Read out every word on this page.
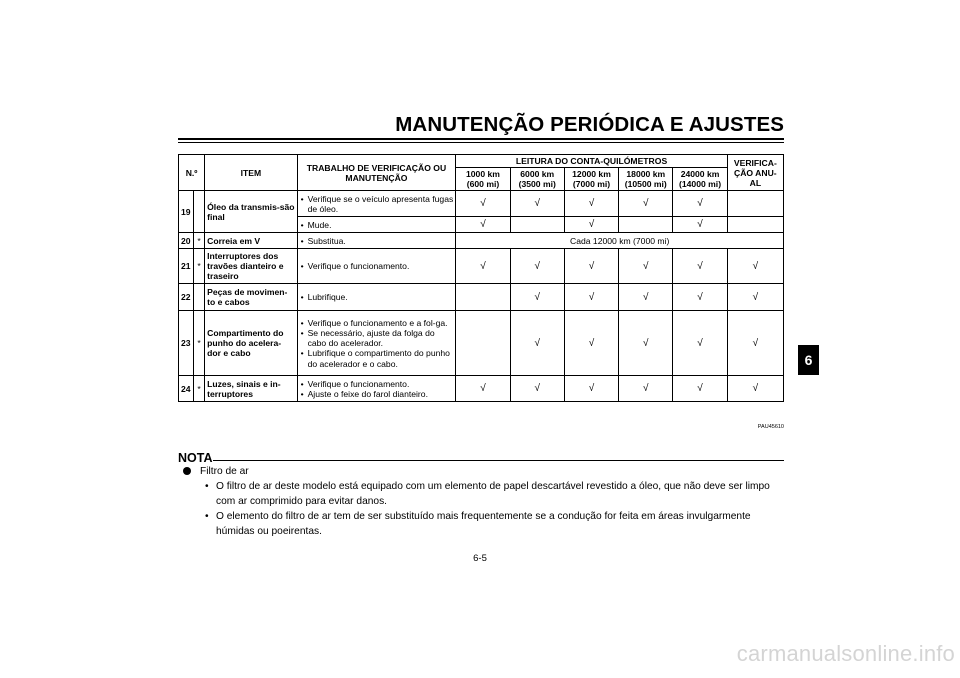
MANUTENÇÃO PERIÓDICA E AJUSTES
6
N.º		ITEM	TRABALHO DE VERIFICAÇÃO OU MANUTENÇÃO	LEITURA DO CONTA-QUILÓMETROS					VERIFICA-ÇÃO ANU-AL
				1000 km (600 mi)	6000 km (3500 mi)	12000 km (7000 mi)	18000 km (10500 mi)	24000 km (14000 mi)	
19		Óleo da transmis-são final	• Verifique se o veículo apresenta fugas de óleo.	√	√	√	√	√	

			• Mude.	√		√		√	
20	*	Correia em V	• Substitua.	Cada 12000 km (7000 mi)					
21	*	Interruptores dos travões dianteiro e traseiro	• Verifique o funcionamento.	√	√	√	√	√	√
22		Peças de movimen-to e cabos	• Lubrifique.		√	√	√	√	√
23	*	Compartimento do punho do acelera-dor e cabo	• Verifique o funcionamento e a fol-ga.
• Se necessário, ajuste da folga do cabo do acelerador.
• Lubrifique o compartimento do punho do acelerador e o cabo.		√	√	√	√	√
24	*	Luzes, sinais e in-terruptores	• Verifique o funcionamento.
• Ajuste o feixe do farol dianteiro.	√	√	√	√	√	√
PAU45610
NOTA
Filtro de ar
• O filtro de ar deste modelo está equipado com um elemento de papel descartável revestido a óleo, que não deve ser limpo com ar comprimido para evitar danos.
• O elemento do filtro de ar tem de ser substituído mais frequentemente se a condução for feita em áreas invulgarmente húmidas ou poeirentas.
6-5
carmanualsonline.info
